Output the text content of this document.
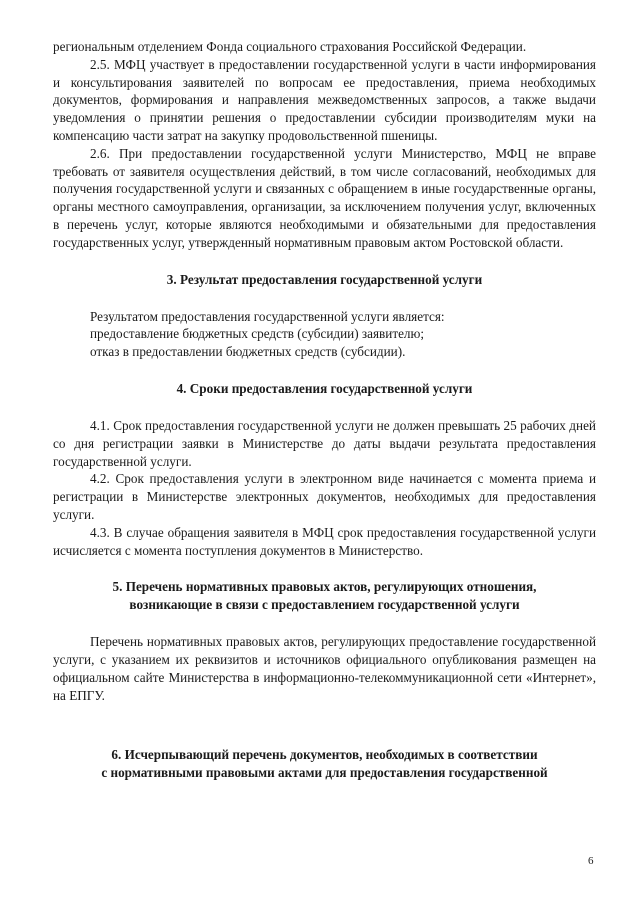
региональным отделением Фонда социального страхования Российской Федерации.

2.5. МФЦ участвует в предоставлении государственной услуги в части информирования и консультирования заявителей по вопросам ее предоставления, приема необходимых документов, формирования и направления межведомственных запросов, а также выдачи уведомления о принятии решения о предоставлении субсидии производителям муки на компенсацию части затрат на закупку продовольственной пшеницы.

2.6. При предоставлении государственной услуги Министерство, МФЦ не вправе требовать от заявителя осуществления действий, в том числе согласований, необходимых для получения государственной услуги и связанных с обращением в иные государственные органы, органы местного самоуправления, организации, за исключением получения услуг, включенных в перечень услуг, которые являются необходимыми и обязательными для предоставления государственных услуг, утвержденный нормативным правовым актом Ростовской области.

3. Результат предоставления государственной услуги

Результатом предоставления государственной услуги является:

предоставление бюджетных средств (субсидии) заявителю;

отказ в предоставлении бюджетных средств (субсидии).

4. Сроки предоставления государственной услуги

4.1. Срок предоставления государственной услуги не должен превышать 25 рабочих дней со дня регистрации заявки в Министерстве до даты выдачи результата предоставления государственной услуги.

4.2. Срок предоставления услуги в электронном виде начинается с момента приема и регистрации в Министерстве электронных документов, необходимых для предоставления услуги.

4.3. В случае обращения заявителя в МФЦ срок предоставления государственной услуги исчисляется с момента поступления документов в Министерство.

5. Перечень нормативных правовых актов, регулирующих отношения,
возникающие в связи с предоставлением государственной услуги

Перечень нормативных правовых актов, регулирующих предоставление государственной услуги, с указанием их реквизитов и источников официального опубликования размещен на официальном сайте Министерства в информационно-телекоммуникационной сети «Интернет», на ЕПГУ.

6. Исчерпывающий перечень документов, необходимых в соответствии
с нормативными правовыми актами для предоставления государственной
6
